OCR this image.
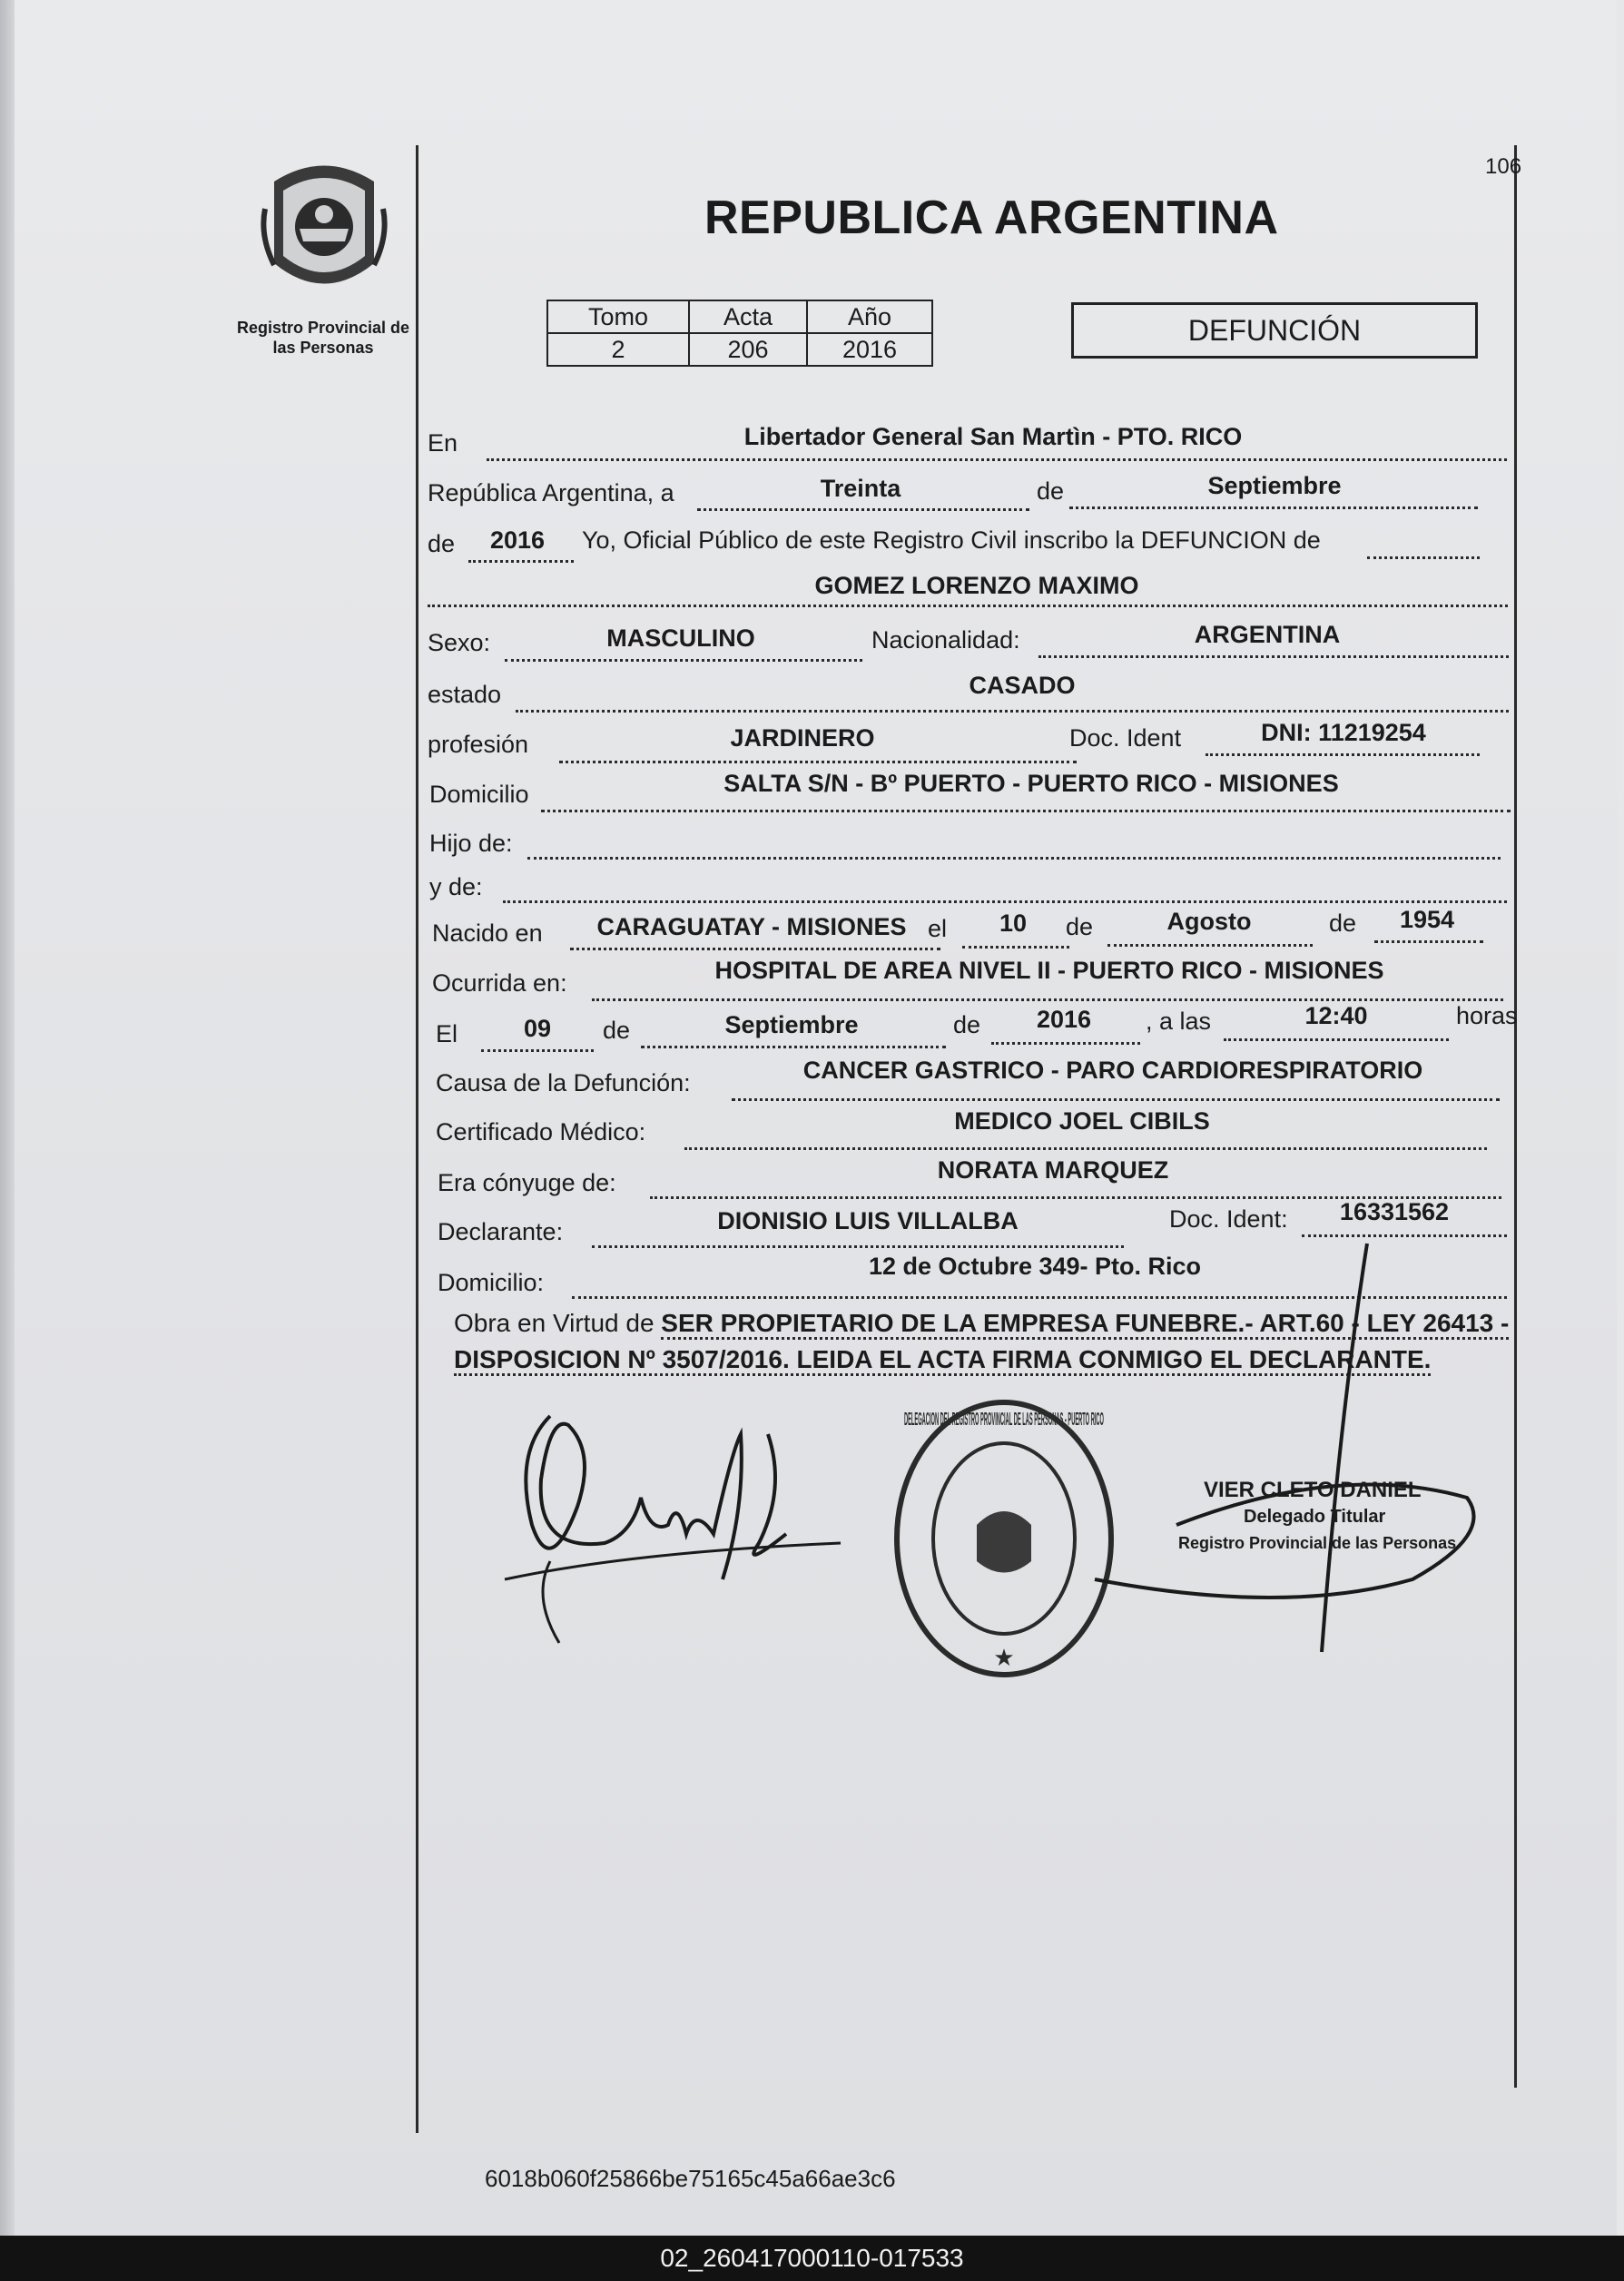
Registro Provincial de las Personas
106
REPUBLICA ARGENTINA
Tomo	Acta	Año
2	206	2016
DEFUNCIÓN
En	Libertador General San Martìn - PTO. RICO
República Argentina, a	Treinta	de	Septiembre
de 2016 Yo, Oficial Público de este Registro Civil inscribo la DEFUNCION de
GOMEZ LORENZO MAXIMO
Sexo:	MASCULINO	Nacionalidad:	ARGENTINA
estado	CASADO
profesión	JARDINERO	Doc. Ident	DNI: 11219254
Domicilio	SALTA S/N - Bº PUERTO - PUERTO RICO - MISIONES
Hijo de:
y de:
Nacido en CARAGUATAY - MISIONES el 10 de	Agosto	de 1954
Ocurrida en:	HOSPITAL DE AREA NIVEL II - PUERTO RICO - MISIONES
El	09 de	Septiembre	de 2016 , a las	12:40	horas
Causa de la Defunción:	CANCER GASTRICO - PARO CARDIORESPIRATORIO
Certificado Médico:	MEDICO JOEL CIBILS
Era cónyuge de:	NORATA MARQUEZ
Declarante:	DIONISIO LUIS VILLALBA	Doc. Ident: 16331562
Domicilio:
12 de Octubre 349- Pto. Rico
Obra en Virtud de SER PROPIETARIO DE LA EMPRESA FUNEBRE.- ART.60 - LEY 26413 - DISPOSICION Nº 3507/2016. LEIDA EL ACTA FIRMA CONMIGO EL DECLARANTE.
DELEGACION DEL REGISTRO PROVINCIAL DE LAS PERSONAS - PUERTO RICO
★
VIER CLETO DANIEL
Delegado Titular
Registro Provincial de las Personas
6018b060f25866be75165c45a66ae3c6
02_260417000110-017533
